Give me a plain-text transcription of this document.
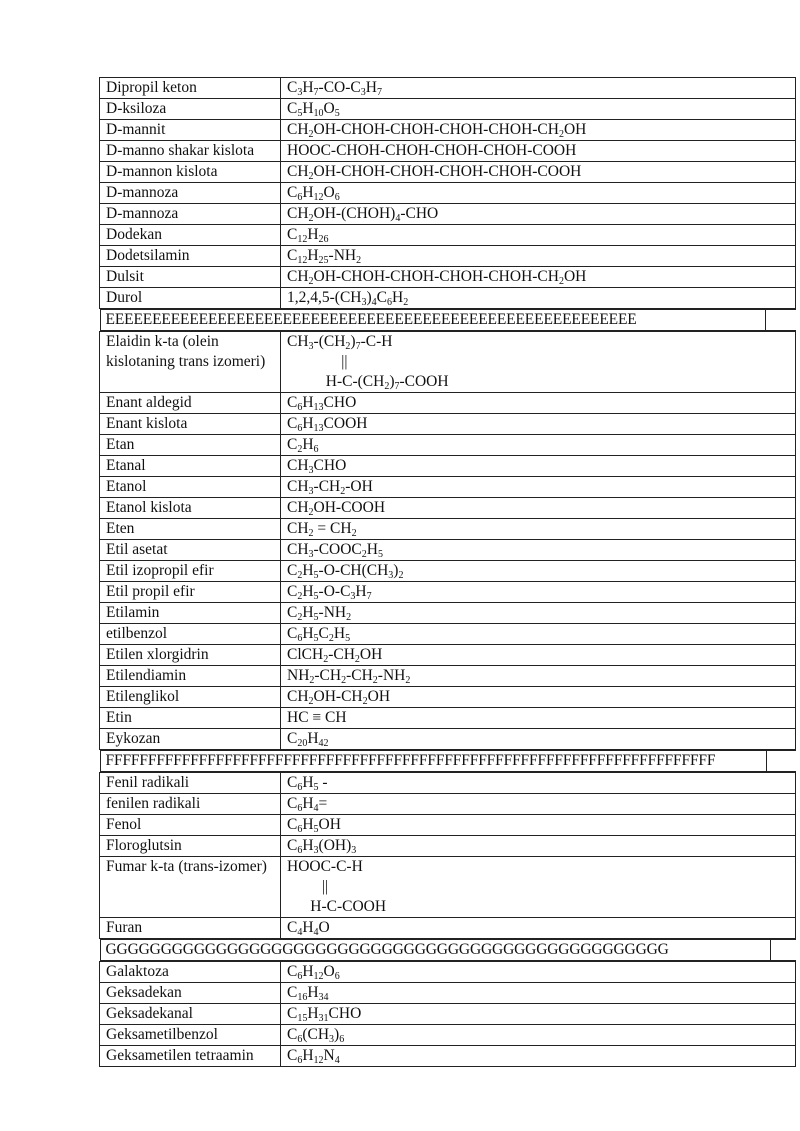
Dipropil keton	$C_3H_7-CO-C_3H_7$
D-ksiloza	$C_5H_{10}O_5$
D-mannit	$CH_2OH-CHOH-CHOH-CHOH-CHOH-CH_2OH$
D-manno shakar kislota	HOOC-CHOH-CHOH-CHOH-CHOH-COOH
D-mannon kislota	$CH_2OH-CHOH-CHOH-CHOH-CHOH$-COOH
D-mannoza	$C_6H_{12}O_6$
D-mannoza	$CH_2OH-(CHOH)_4$-CHO
Dodekan	$C_{12}H_{26}$
Dodetsilamin	$C_{12}H_{25}-NH_2$
Dulsit	$CH_2OH-CHOH-CHOH-CHOH-CHOH-CH_2OH$
Durol	$1,2,4,5-(CH_3)_4C_6H_2$

EEEEEEEEEEEEEEEEEEEEEEEEEEEEEEEEEEEEEEEEEEEEEEEEEEEEEEEEE	

Elaidin k-ta (olein kislotaning trans izomeri)	$CH_3-(CH_2)_7-C-H$
||
$H-C-(CH_2)_7$-COOH

Enant aldegid	$C_6H_{13}CHO$
Enant kislota	$C_6H_{13}COOH$
Etan	$C_2H_6$
Etanal	$CH_3CHO$
Etanol	$CH_3-CH_2-OH$
Etanol kislota	$CH_2OH$-COOH
Eten	$CH_2 = CH_2$
Etil asetat	$CH_3-COOC_2H_5$
Etil izopropil efir	$C_2H_5-O-CH(CH_3)_2$
Etil propil efir	$C_2H_5-O-C_3H_7$
Etilamin	$C_2H_5-NH_2$
etilbenzol	$C_6H_5C_2H_5$
Etilen xlorgidrin	$ClCH_2-CH_2OH$
Etilendiamin	$NH_2-CH_2-CH_2-NH_2$
Etilenglikol	$CH_2OH-CH_2OH$
Etin	HC ≡ CH
Eykozan	$C_{20}H_{42}$

FFFFFFFFFFFFFFFFFFFFFFFFFFFFFFFFFFFFFFFFFFFFFFFFFFFFFFFFFFFFFFFFFFFFFFFF	

Fenil radikali	$C_6H_5$ -
fenilen radikali	$C_6H_4=$
Fenol	$C_6H_5OH$
Floroglutsin	$C_6H_3(OH)_3$
Fumar k-ta (trans-izomer)	HOOC-C-H
||
H-C-COOH

Furan	$C_4H_4O$

GGGGGGGGGGGGGGGGGGGGGGGGGGGGGGGGGGGGGGGGGGGGGGGGGGG	

Galaktoza	$C_6H_{12}O_6$
Geksadekan	$C_{16}H_{34}$
Geksadekanal	$C_{15}H_{31}CHO$
Geksametilbenzol	$C_6(CH_3)_6$
Geksametilen tetraamin	$C_6H_{12}N_4$
